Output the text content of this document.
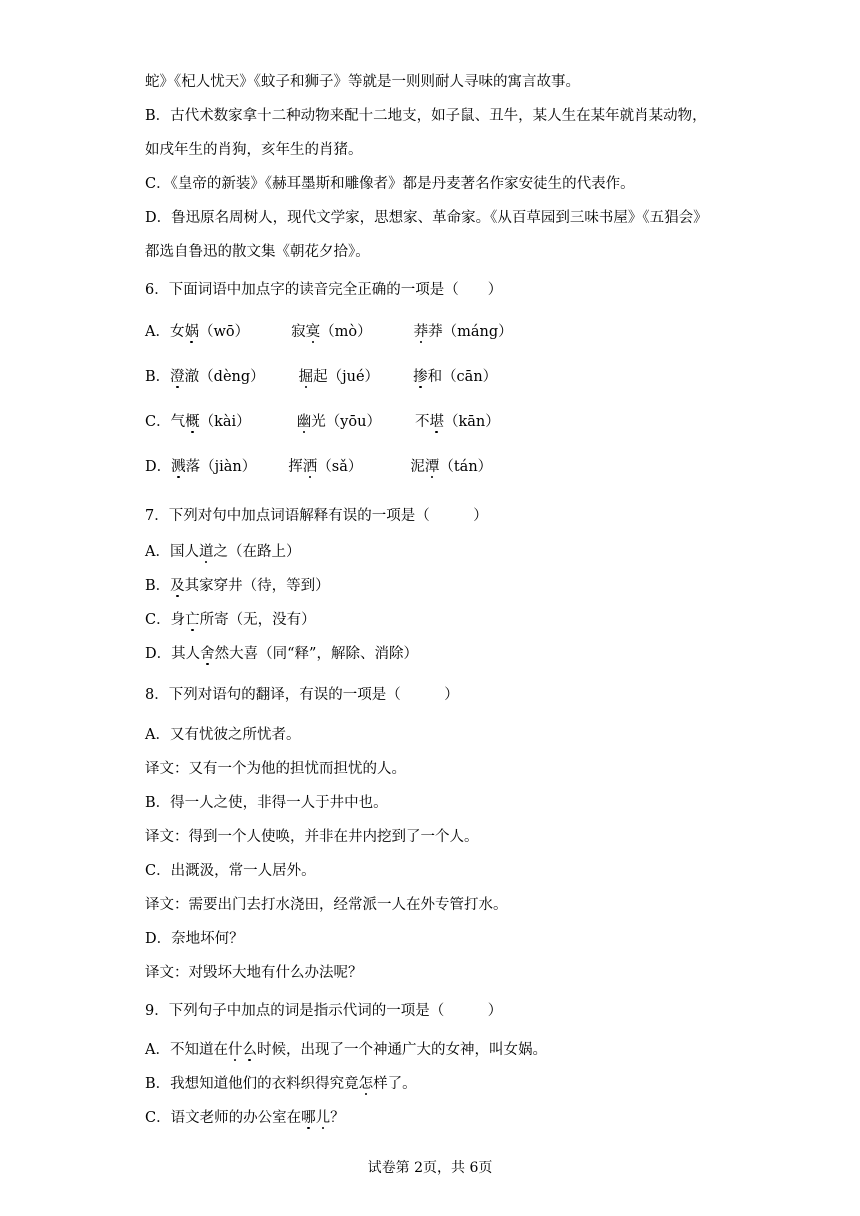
蛇》《杞人忧天》《蚊子和狮子》等就是一则则耐人寻味的寓言故事。
B．古代术数家拿十二种动物来配十二地支，如子鼠、丑牛，某人生在某年就肖某动物，
如戌年生的肖狗，亥年生的肖猪。
C．《皇帝的新装》《赫耳墨斯和雕像者》都是丹麦著名作家安徒生的代表作。
D．鲁迅原名周树人，现代文学家，思想家、革命家。《从百草园到三味书屋》《五猖会》
都选自鲁迅的散文集《朝花夕拾》。
6．下面词语中加点字的读音完全正确的一项是（　　）
A．女娲（wō）	寂寞（mò）	莽莽（máng）
B．澄澈（dèng） 掘起（jué） 掺和（cān）
C．气概（kài）	幽光（yōu） 不堪（kān）
D．溅落（jiàn） 挥洒（sǎ）	泥潭（tán）
7．下列对句中加点词语解释有误的一项是（　　　）
A．国人道之（在路上）
B．及其家穿井（待，等到）
C．身亡所寄（无，没有）
D．其人舍然大喜（同“释”，解除、消除）
8．下列对语句的翻译，有误的一项是（　　　）
A．又有忧彼之所忧者。
译文：又有一个为他的担忧而担忧的人。
B．得一人之使，非得一人于井中也。
译文：得到一个人使唤，并非在井内挖到了一个人。
C．出溉汲，常一人居外。
译文：需要出门去打水浇田，经常派一人在外专管打水。
D．奈地坏何？
译文：对毁坏大地有什么办法呢？
9．下列句子中加点的词是指示代词的一项是（　　　）
A．不知道在什么时候，出现了一个神通广大的女神，叫女娲。
B．我想知道他们的衣料织得究竟怎样了。
C．语文老师的办公室在哪儿？
试卷第 2页，共 6页
